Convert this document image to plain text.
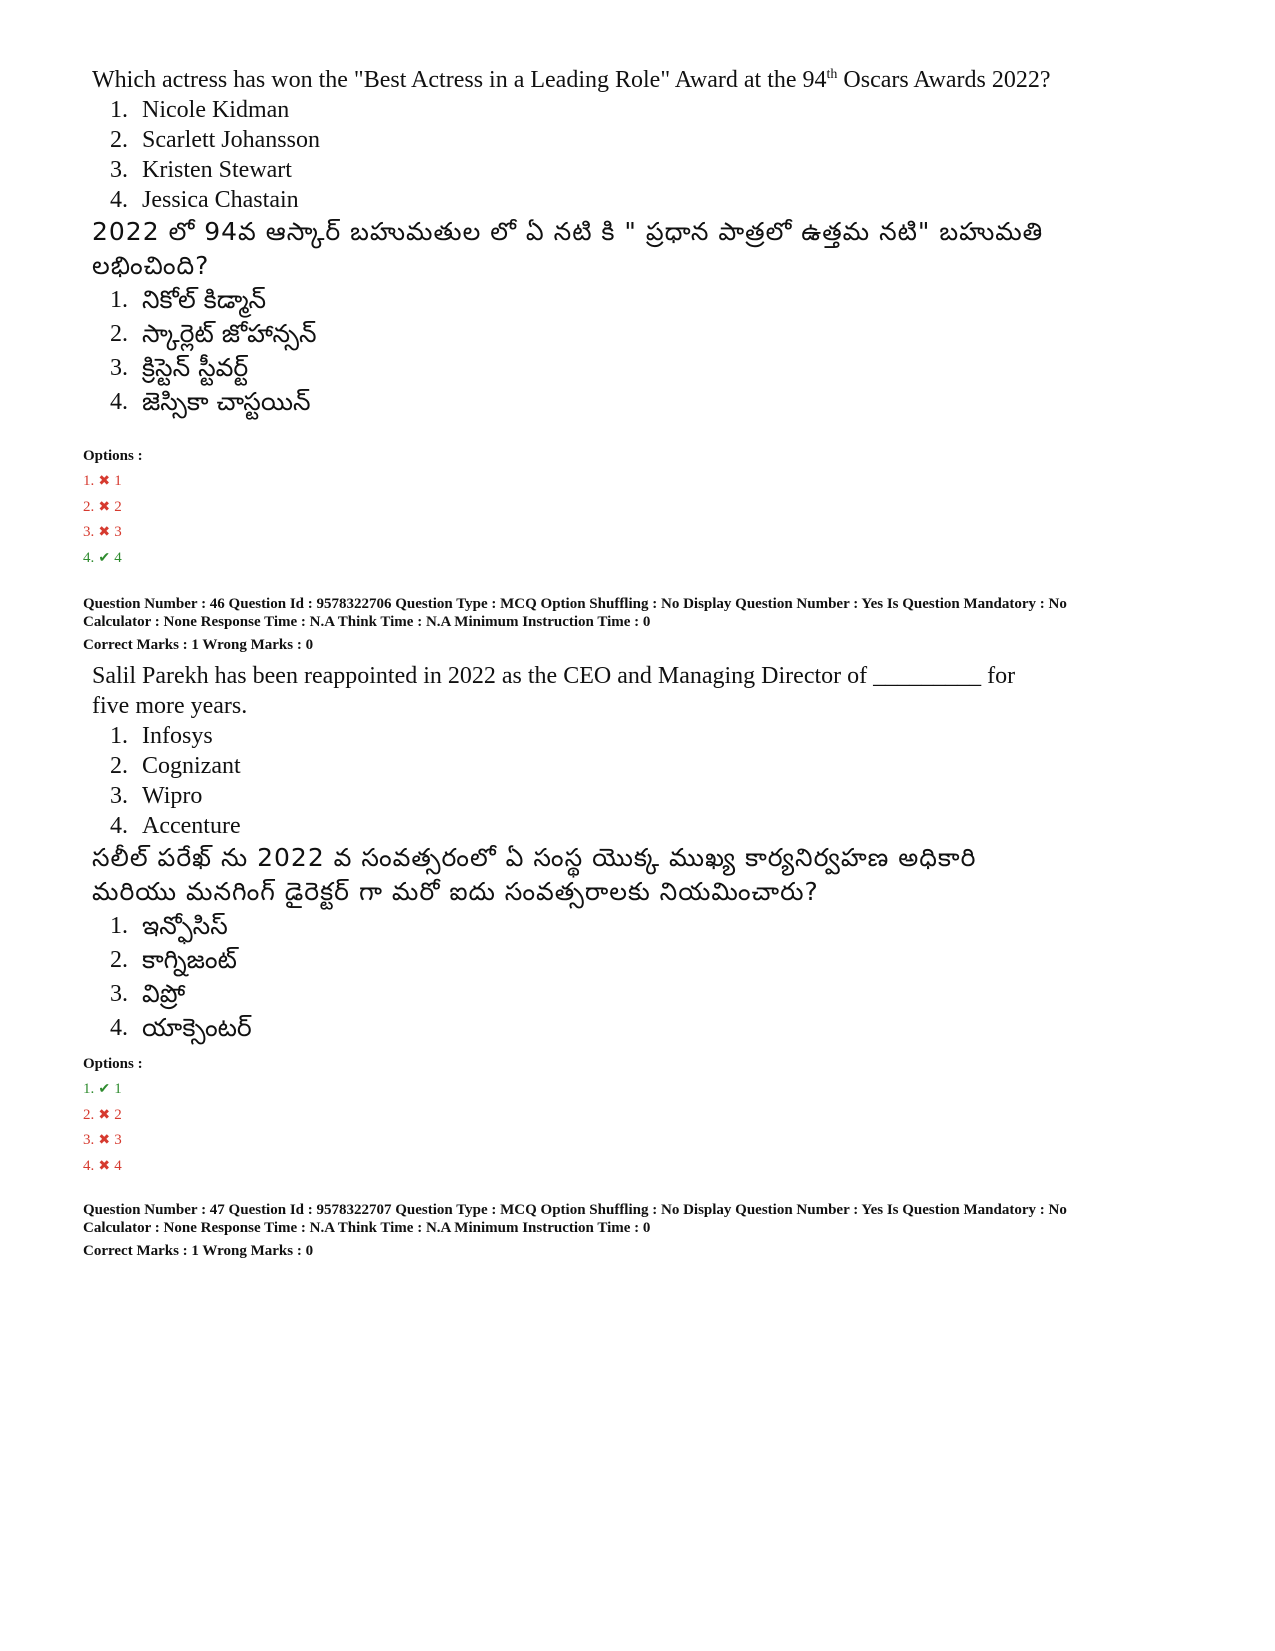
Which actress has won the "Best Actress in a Leading Role" Award at the 94th Oscars Awards 2022?

1. Nicole Kidman
2. Scarlett Johansson
3. Kristen Stewart
4. Jessica Chastain

2022 లో 94వ ఆస్కార్ బహుమతుల లో ఏ నటి కి " ప్రధాన పాత్రలో ఉత్తమ నటి" బహుమతి లభించింది?

1. నికోల్ కిడ్మాన్
2. స్కార్లెట్ జోహాన్సన్
3. క్రిస్టెన్ స్టీవర్ట్
4. జెస్సికా చాస్టయిన్

Options :

1. ✖ 1
2. ✖ 2
3. ✖ 3
4. ✔ 4

Question Number : 46 Question Id : 9578322706 Question Type : MCQ Option Shuffling : No Display Question Number : Yes Is Question Mandatory : No

Calculator : None Response Time : N.A Think Time : N.A Minimum Instruction Time : 0

Correct Marks : 1 Wrong Marks : 0

Salil Parekh has been reappointed in 2022 as the CEO and Managing Director of _________ for five more years.

1. Infosys
2. Cognizant
3. Wipro
4. Accenture

సలీల్ పరేఖ్ ను 2022 వ సంవత్సరంలో ఏ సంస్థ యొక్క ముఖ్య కార్యనిర్వహణ అధికారి మరియు మనగింగ్ డైరెక్టర్ గా మరో ఐదు సంవత్సరాలకు నియమించారు?

1. ఇన్ఫోసిస్
2. కాగ్నిజంట్
3. విప్రో
4. యాక్సెంటర్

Options :

1. ✔ 1
2. ✖ 2
3. ✖ 3
4. ✖ 4

Question Number : 47 Question Id : 9578322707 Question Type : MCQ Option Shuffling : No Display Question Number : Yes Is Question Mandatory : No

Calculator : None Response Time : N.A Think Time : N.A Minimum Instruction Time : 0

Correct Marks : 1 Wrong Marks : 0
